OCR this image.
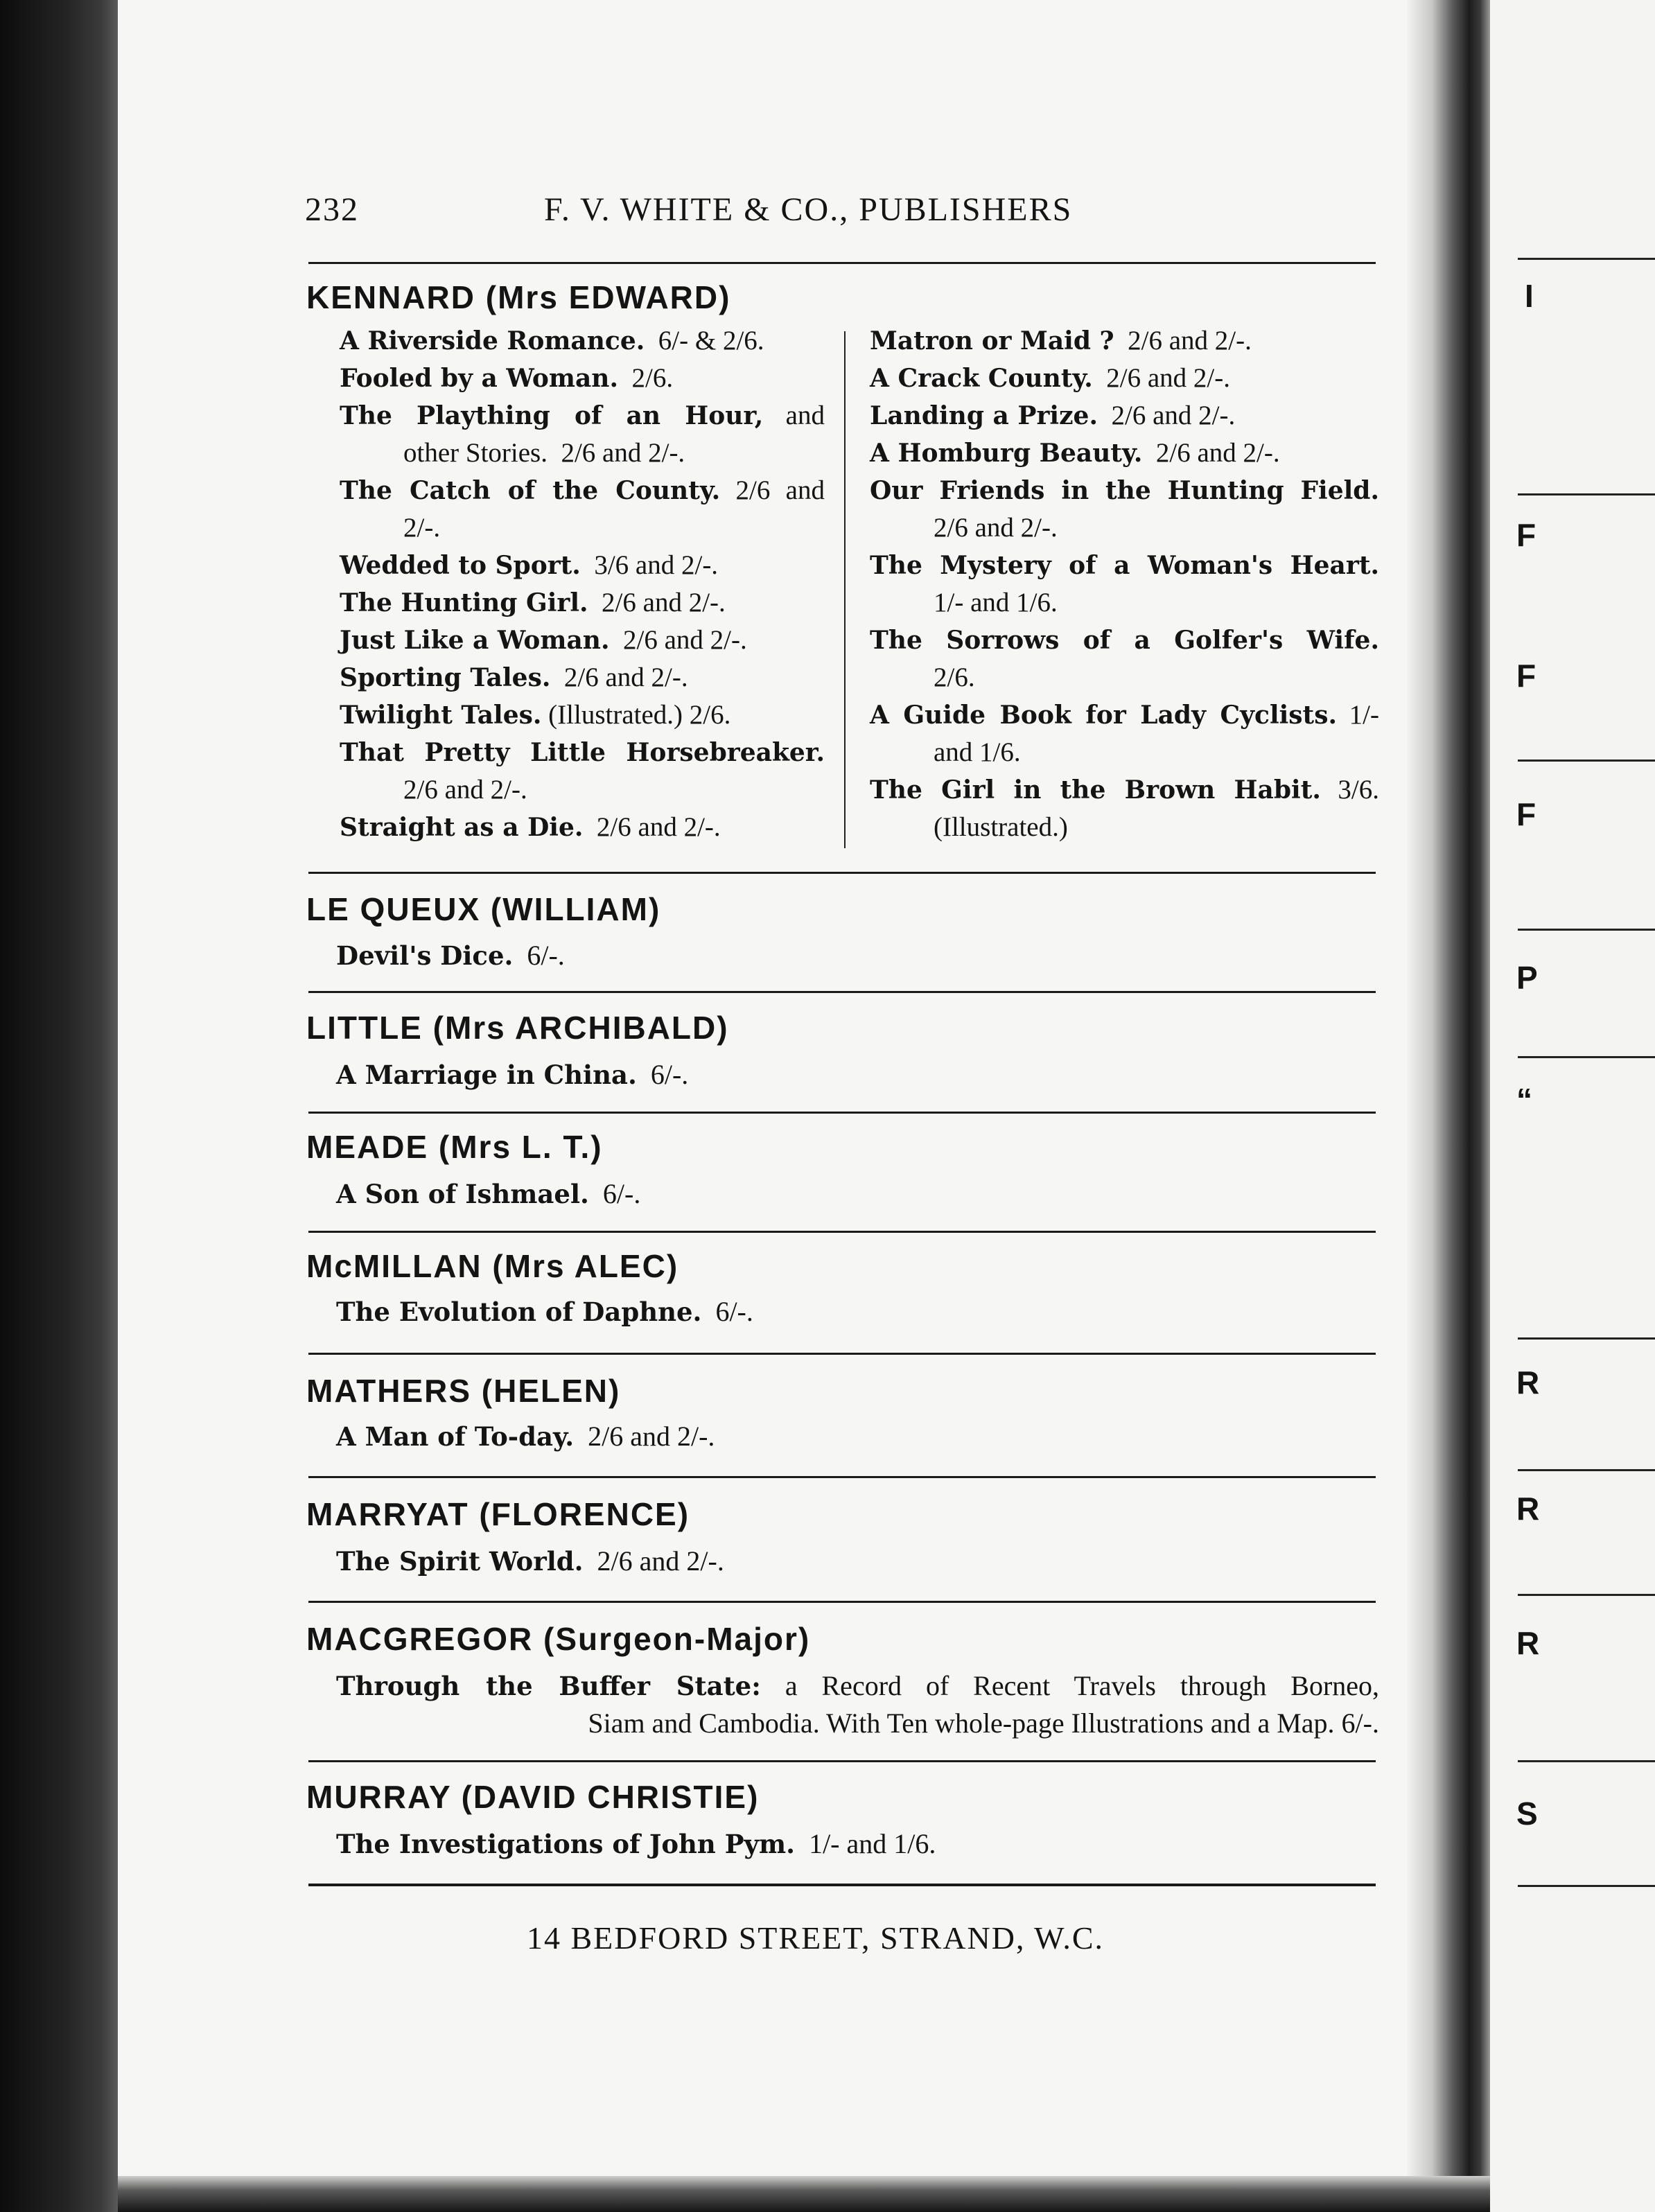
232	F. V. WHITE & CO., PUBLISHERS
KENNARD (Mrs EDWARD)
A Riverside Romance. 6/- & 2/6.
Fooled by a Woman. 2/6.
The Plaything of an Hour, and
other Stories.  2/6 and 2/-.
The Catch of the County. 2/6 and
2/-.
Wedded to Sport. 3/6 and 2/-.
The Hunting Girl. 2/6 and 2/-.
Just Like a Woman. 2/6 and 2/-.
Sporting Tales. 2/6 and 2/-.
Twilight Tales. (Illustrated.) 2/6.
That Pretty Little Horsebreaker.
2/6 and 2/-.
Straight as a Die. 2/6 and 2/-.
Matron or Maid ? 2/6 and 2/-.
A Crack County. 2/6 and 2/-.
Landing a Prize. 2/6 and 2/-.
A Homburg Beauty. 2/6 and 2/-.
Our Friends in the Hunting Field.
2/6 and 2/-.
The Mystery of a Woman's Heart.
1/- and 1/6.
The Sorrows of a Golfer's Wife.
2/6.
A Guide Book for Lady Cyclists. 1/-
and 1/6.
The Girl in the Brown Habit. 3/6.
(Illustrated.)
LE QUEUX (WILLIAM)
Devil's Dice. 6/-.
LITTLE (Mrs ARCHIBALD)
A Marriage in China. 6/-.
MEADE (Mrs L. T.)
A Son of Ishmael. 6/-.
McMILLAN (Mrs ALEC)
The Evolution of Daphne. 6/-.
MATHERS (HELEN)
A Man of To-day. 2/6 and 2/-.
MARRYAT (FLORENCE)
The Spirit World. 2/6 and 2/-.
MACGREGOR (Surgeon-Major)
Through the Buffer State: a Record of Recent Travels through Borneo,
Siam and Cambodia. With Ten whole-page Illustrations and a Map. 6/-.
MURRAY (DAVID CHRISTIE)
The Investigations of John Pym. 1/- and 1/6.
14 BEDFORD STREET, STRAND, W.C.
I
F
F
F
P
“
R
R
R
S
